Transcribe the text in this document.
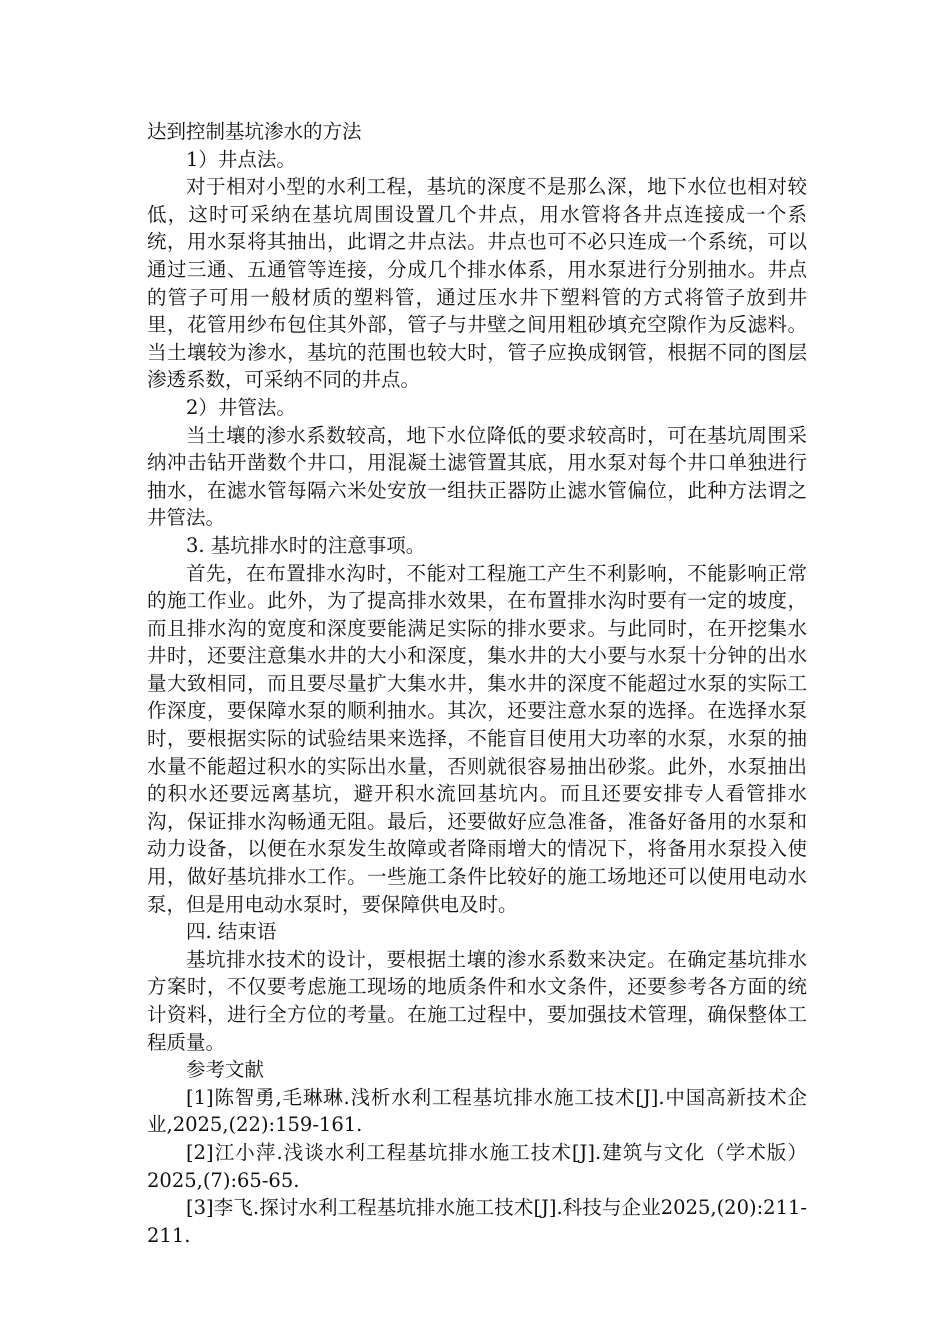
达到控制基坑渗水的方法

1）井点法。

对于相对小型的水利工程，基坑的深度不是那么深，地下水位也相对较低，这时可采纳在基坑周围设置几个井点，用水管将各井点连接成一个系统，用水泵将其抽出，此谓之井点法。井点也可不必只连成一个系统，可以通过三通、五通管等连接，分成几个排水体系，用水泵进行分别抽水。井点的管子可用一般材质的塑料管，通过压水井下塑料管的方式将管子放到井里，花管用纱布包住其外部，管子与井壁之间用粗砂填充空隙作为反滤料。当土壤较为渗水，基坑的范围也较大时，管子应换成钢管，根据不同的图层渗透系数，可采纳不同的井点。

2）井管法。

当土壤的渗水系数较高，地下水位降低的要求较高时，可在基坑周围采纳冲击钻开凿数个井口，用混凝土滤管置其底，用水泵对每个井口单独进行抽水，在滤水管每隔六米处安放一组扶正器防止滤水管偏位，此种方法谓之井管法。

3. 基坑排水时的注意事项。

首先，在布置排水沟时，不能对工程施工产生不利影响，不能影响正常的施工作业。此外，为了提高排水效果，在布置排水沟时要有一定的坡度，而且排水沟的宽度和深度要能满足实际的排水要求。与此同时，在开挖集水井时，还要注意集水井的大小和深度，集水井的大小要与水泵十分钟的出水量大致相同，而且要尽量扩大集水井，集水井的深度不能超过水泵的实际工作深度，要保障水泵的顺利抽水。其次，还要注意水泵的选择。在选择水泵时，要根据实际的试验结果来选择，不能盲目使用大功率的水泵，水泵的抽水量不能超过积水的实际出水量，否则就很容易抽出砂浆。此外，水泵抽出的积水还要远离基坑，避开积水流回基坑内。而且还要安排专人看管排水沟，保证排水沟畅通无阻。最后，还要做好应急准备，准备好备用的水泵和动力设备，以便在水泵发生故障或者降雨增大的情况下，将备用水泵投入使用，做好基坑排水工作。一些施工条件比较好的施工场地还可以使用电动水泵，但是用电动水泵时，要保障供电及时。

四. 结束语

基坑排水技术的设计，要根据土壤的渗水系数来决定。在确定基坑排水方案时，不仅要考虑施工现场的地质条件和水文条件，还要参考各方面的统计资料，进行全方位的考量。在施工过程中，要加强技术管理，确保整体工程质量。

参考文献

[1]陈智勇,毛琳琳.浅析水利工程基坑排水施工技术[J].中国高新技术企业,2025,(22):159-161.

[2]江小萍.浅谈水利工程基坑排水施工技术[J].建筑与文化（学术版）2025,(7):65-65.

[3]李飞.探讨水利工程基坑排水施工技术[J].科技与企业2025,(20):211-211.
